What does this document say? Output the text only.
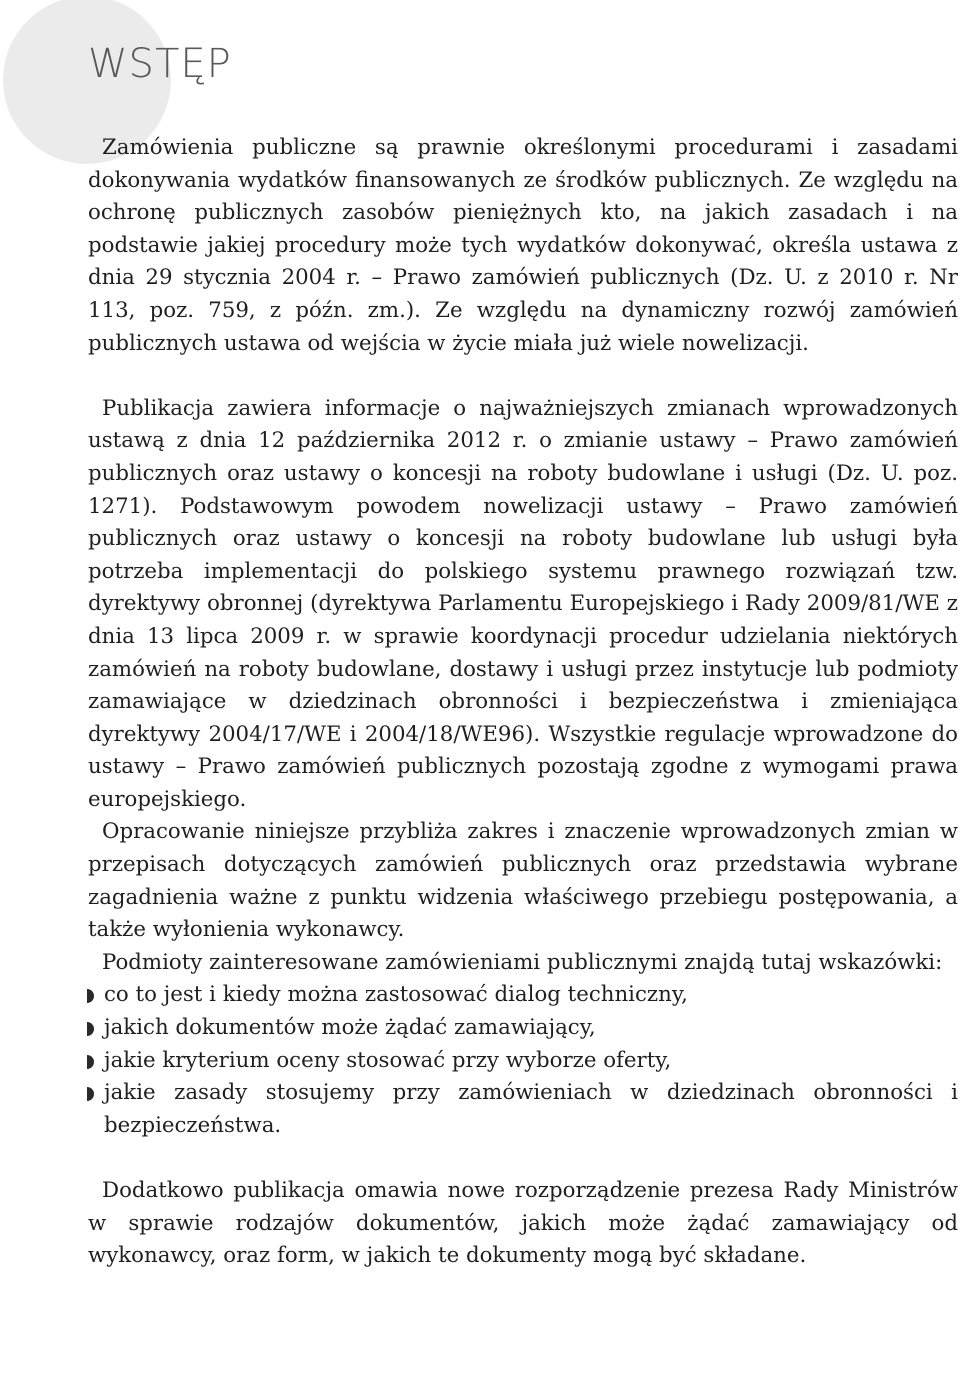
WSTĘP

Zamówienia publiczne są prawnie określonymi procedurami i zasadami dokonywania wydatków finansowanych ze środków publicznych. Ze względu na ochronę publicznych zasobów pieniężnych kto, na jakich zasadach i na podstawie jakiej procedury może tych wydatków dokonywać, określa ustawa z dnia 29 stycznia 2004 r. – Prawo zamówień publicznych (Dz. U. z 2010 r. Nr 113, poz. 759, z późn. zm.). Ze względu na dynamiczny rozwój zamówień publicznych ustawa od wejścia w życie miała już wiele nowelizacji.

Publikacja zawiera informacje o najważniejszych zmianach wprowadzonych ustawą z dnia 12 października 2012 r. o zmianie ustawy – Prawo zamówień publicznych oraz ustawy o koncesji na roboty budowlane i usługi (Dz. U. poz. 1271). Podstawowym powodem nowelizacji ustawy – Prawo zamówień publicznych oraz ustawy o koncesji na roboty budowlane lub usługi była potrzeba implementacji do polskiego systemu prawnego rozwiązań tzw. dyrektywy obronnej (dyrektywa Parlamentu Europejskiego i Rady 2009/81/WE z dnia 13 lipca 2009 r. w sprawie koordynacji procedur udzielania niektórych zamówień na roboty budowlane, dostawy i usługi przez instytucje lub podmioty zamawiające w dziedzinach obronności i bezpieczeństwa i zmieniająca dyrektywy 2004/17/WE i 2004/18/WE96). Wszystkie regulacje wprowadzone do ustawy – Prawo zamówień publicznych pozostają zgodne z wymogami prawa europejskiego.

Opracowanie niniejsze przybliża zakres i znaczenie wprowadzonych zmian w przepisach dotyczących zamówień publicznych oraz przedstawia wybrane zagadnienia ważne z punktu widzenia właściwego przebiegu postępowania, a także wyłonienia wykonawcy.

Podmioty zainteresowane zamówieniami publicznymi znajdą tutaj wskazówki:

co to jest i kiedy można zastosować dialog techniczny,
jakich dokumentów może żądać zamawiający,
jakie kryterium oceny stosować przy wyborze oferty,
jakie zasady stosujemy przy zamówieniach w dziedzinach obronności i bezpieczeństwa.

Dodatkowo publikacja omawia nowe rozporządzenie prezesa Rady Ministrów w sprawie rodzajów dokumentów, jakich może żądać zamawiający od wykonawcy, oraz form, w jakich te dokumenty mogą być składane.
